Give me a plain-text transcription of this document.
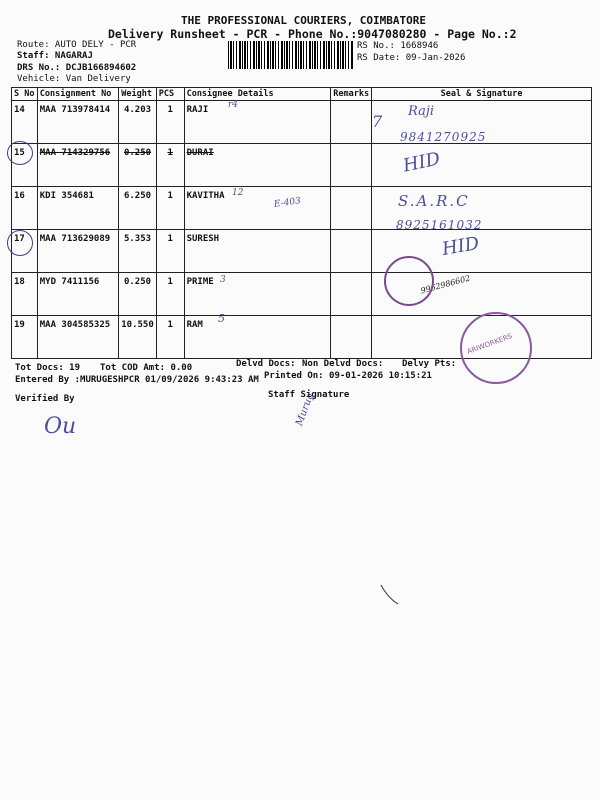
THE PROFESSIONAL COURIERS, COIMBATORE
Delivery Runsheet - PCR - Phone No.:9047080280 - Page No.:2
Route: AUTO DELY - PCR
Staff: NAGARAJ
DRS No.: DCJB166894602
Vehicle: Van Delivery
RS No.: 1668946
RS Date: 09-Jan-2026
S No	Consignment No	Weight	PCS	Consignee Details	Remarks	Seal & Signature
14	MAA 713978414	4.203	1	RAJI		
15	MAA 714329756	0.250	1	DURAI		
16	KDI 354681	6.250	1	KAVITHA		
17	MAA 713629089	5.353	1	SURESH		
18	MYD 7411156	0.250	1	PRIME		
19	MAA 304585325	10.550	1	RAM		
r4
7
Raji
9841270925
HID
12
E-403	S.A.R.C
8925161032
HID
3	9962986602
5
ARIWORKERS
Tot Docs: 19 Tot COD Amt: 0.00	Delvd Docs: Non Delvd Docs: Delvy Pts:
Entered By :MURUGESHPCR 01/09/2026 9:43:23 AM Printed On: 09-01-2026 10:15:21
Verified By	Staff Signature
Ou	Murug
